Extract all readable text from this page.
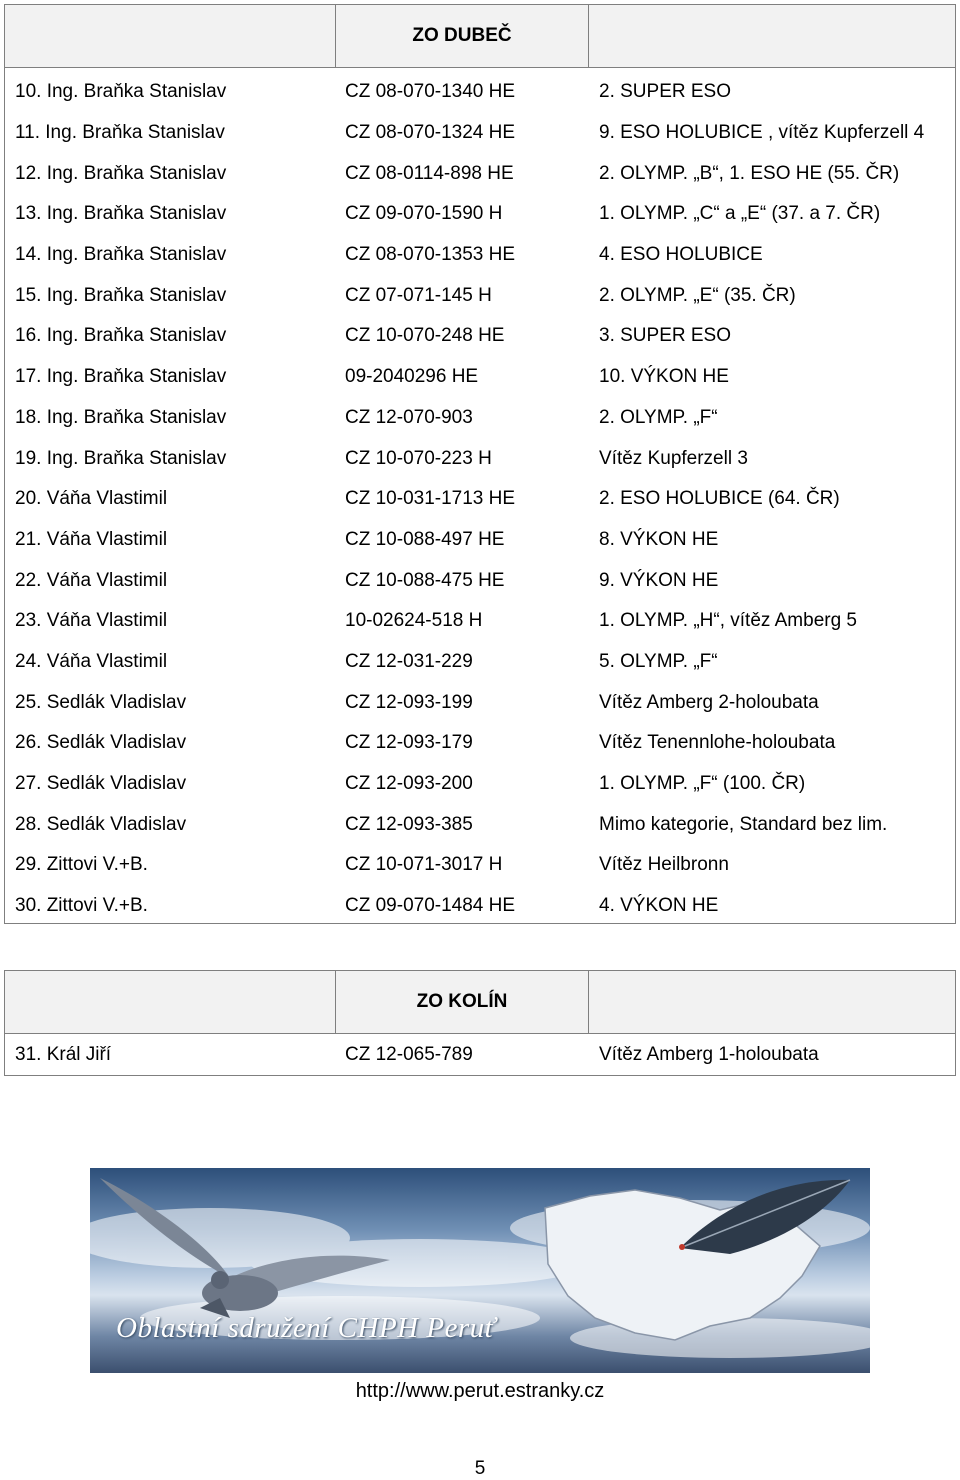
ZO DUBEČ
10. Ing. Braňka Stanislav	CZ 08-070-1340 HE	2. SUPER ESO
11. Ing. Braňka Stanislav	CZ 08-070-1324 HE	9. ESO HOLUBICE , vítěz Kupferzell 4
12. Ing. Braňka Stanislav	CZ 08-0114-898 HE	2. OLYMP. „B“, 1. ESO HE (55. ČR)
13. Ing. Braňka Stanislav	CZ 09-070-1590 H	1. OLYMP. „C“ a „E“ (37. a 7. ČR)
14. Ing. Braňka Stanislav	CZ 08-070-1353 HE	4. ESO HOLUBICE
15. Ing. Braňka Stanislav	CZ 07-071-145 H	2. OLYMP. „E“ (35. ČR)
16. Ing. Braňka Stanislav	CZ 10-070-248 HE	3. SUPER ESO
17. Ing. Braňka Stanislav	09-2040296 HE	10. VÝKON HE
18. Ing. Braňka Stanislav	CZ 12-070-903	2. OLYMP. „F“
19. Ing. Braňka Stanislav	CZ 10-070-223 H	Vítěz Kupferzell 3
20. Váňa Vlastimil	CZ 10-031-1713 HE	2. ESO HOLUBICE (64. ČR)
21. Váňa Vlastimil	CZ 10-088-497 HE	8. VÝKON HE
22. Váňa Vlastimil	CZ 10-088-475 HE	9. VÝKON HE
23. Váňa Vlastimil	10-02624-518 H	1. OLYMP. „H“, vítěz Amberg 5
24. Váňa Vlastimil	CZ 12-031-229	5. OLYMP. „F“
25. Sedlák Vladislav	CZ 12-093-199	Vítěz Amberg 2-holoubata
26. Sedlák Vladislav	CZ 12-093-179	Vítěz Tenennlohe-holoubata
27. Sedlák Vladislav	CZ 12-093-200	1. OLYMP. „F“ (100. ČR)
28. Sedlák Vladislav	CZ 12-093-385	Mimo kategorie, Standard bez lim.
29. Zittovi V.+B.	CZ 10-071-3017 H	Vítěz Heilbronn
30. Zittovi V.+B.	CZ 09-070-1484 HE	4. VÝKON HE
ZO KOLÍN
31. Král Jiří	CZ 12-065-789	Vítěz Amberg 1-holoubata
Oblastní sdružení CHPH Peruť
http://www.perut.estranky.cz
5
